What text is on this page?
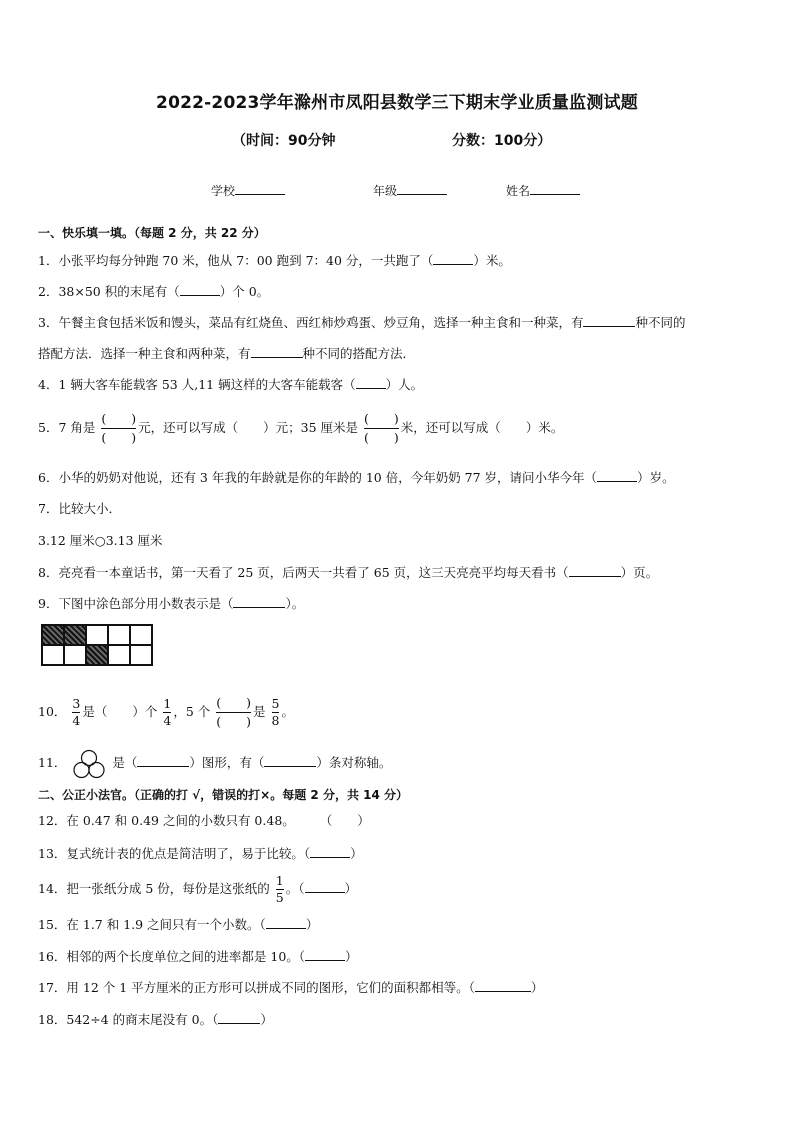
2022-2023学年滁州市凤阳县数学三下期末学业质量监测试题
（时间：90分钟	分数：100分）
学校	年级	姓名
一、快乐填一填。（每题 2 分，共 22 分）
1．小张平均每分钟跑 70 米，他从 7：00 跑到 7：40 分，一共跑了（	）米。
2．38×50 积的末尾有（	）个 0。
3．午餐主食包括米饭和馒头，菜品有红烧鱼、西红柿炒鸡蛋、炒豆角，选择一种主食和一种菜，有	种不同的
搭配方法．选择一种主食和两种菜，有	种不同的搭配方法．
4．1 辆大客车能载客 53 人,11 辆这样的大客车能载客（ ）人。
5．7 角是
(  )
(  )
元，还可以写成（   ）元；35 厘米是
(  )
(  )
米，还可以写成（   ）米。
6．小华的奶奶对他说，还有 3 年我的年龄就是你的年龄的 10 倍，今年奶奶 77 岁，请问小华今年（	）岁。
7．比较大小．
3.12 厘米○3.13 厘米
8．亮亮看一本童话书，第一天看了 25 页，后两天一共看了 65 页，这三天亮亮平均每天看书（	）页。
9．下图中涂色部分用小数表示是（	）。

10． $\frac{3}{4}$ 是（   ）个 $\frac{1}{4}$ ，5 个
(  )
(  )
是 $\frac{5}{8}$ 。
11．	是（	）图形，有（	）条对称轴。
二、公正小法官。（正确的打 √，错误的打×。每题 2 分，共 14 分）
12．在 0.47 和 0.49 之间的小数只有 0.48。   （　　）
13．复式统计表的优点是简洁明了，易于比较。（	）
14．把一张纸分成 5 份，每份是这张纸的 $\frac{1}{5}$ 。（	）
15．在 1.7 和 1.9 之间只有一个小数。（	）
16．相邻的两个长度单位之间的进率都是 10。（	）
17．用 12 个 1 平方厘米的正方形可以拼成不同的图形，它们的面积都相等。（	）
18．542÷4 的商末尾没有 0。（	）
